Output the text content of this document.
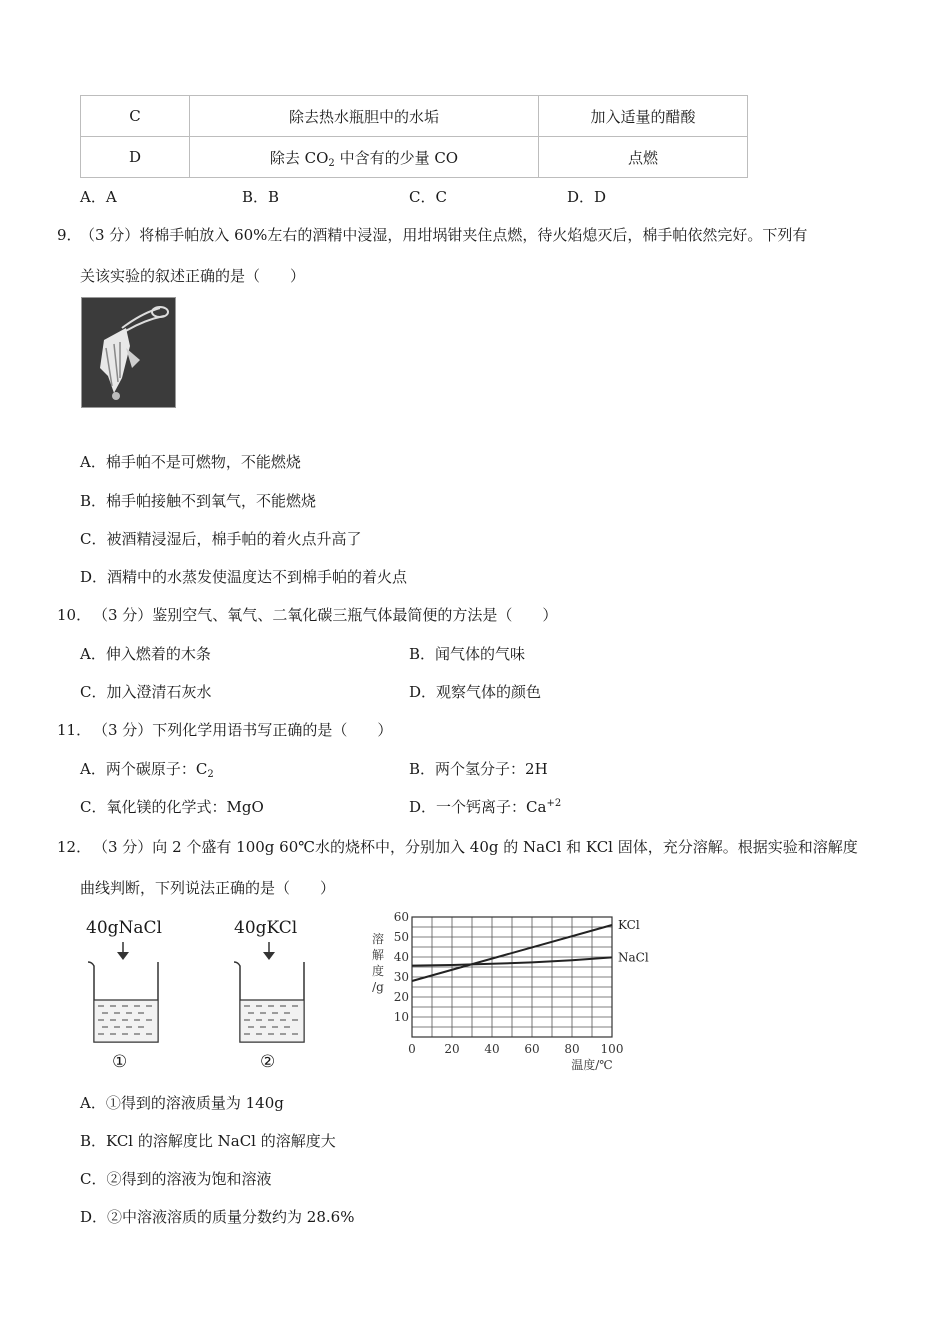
C	除去热水瓶胆中的水垢	加入适量的醋酸
D	除去 $CO_2$ 中含有的少量 CO	点燃
A．A	B．B	C．C	D．D
9．
（3 分）将棉手帕放入 60%左右的酒精中浸湿，用坩埚钳夹住点燃，待火焰熄灭后，棉手帕依然完好。下列有
关该实验的叙述正确的是（　　）
A．棉手帕不是可燃物，不能燃烧
B．棉手帕接触不到氧气，不能燃烧
C．被酒精浸湿后，棉手帕的着火点升高了
D．酒精中的水蒸发使温度达不到棉手帕的着火点
10． （3 分）鉴别空气、氧气、二氧化碳三瓶气体最简便的方法是（　　）
A．伸入燃着的木条	B．闻气体的气味
C．加入澄清石灰水	D．观察气体的颜色
11． （3 分）下列化学用语书写正确的是（　　）
A．两个碳原子：$C_2$	B．两个氢分子：2H
C．氧化镁的化学式：MgO	D．一个钙离子：$Ca^{+2}$
12． （3 分）向 2 个盛有 100g 60℃水的烧杯中，分别加入 40g 的 NaCl 和 KCl 固体，充分溶解。根据实验和溶解度
曲线判断，下列说法正确的是（　　）
40gNaCl
①
40gKCl
②
10
20
30
40
50
60
0 20 40 60 80 100
溶
解
度
/g
温度/℃
KCl
NaCl
A．①得到的溶液质量为 140g
B．KCl 的溶解度比 NaCl 的溶解度大
C．②得到的溶液为饱和溶液
D．②中溶液溶质的质量分数约为 28.6%
